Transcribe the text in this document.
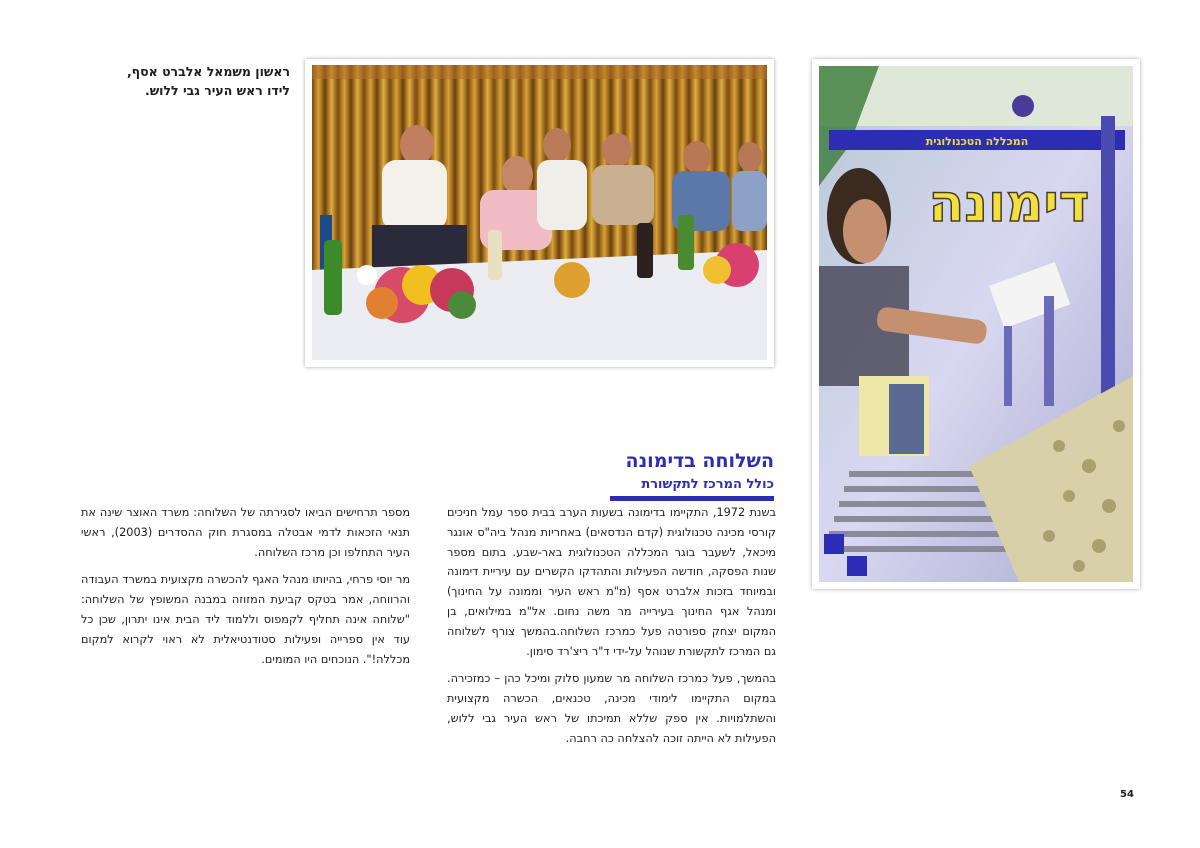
ראשון משמאל אלברט אסף,
לידו ראש העיר גבי ללוש.
המכללה הטכנולוגית
דימונה
השלוחה בדימונה
כולל המרכז לתקשורת

בשנת 1972, התקיימו בדימונה בשעות הערב בבית ספר עמל חניכים קורסי מכינה טכנולוגית (קדם הנדסאים) באחריות מנהל ביה"ס אונגר מיכאל, לשעבר בוגר המכללה הטכנולוגית באר-שבע. בתום מספר שנות הפסקה, חודשה הפעילות והתהדקו הקשרים עם עיריית דימונה ובמיוחד בזכות אלברט אסף (מ"מ ראש העיר וממונה על החינוך) ומנהל אגף החינוך בעירייה מר משה נחום. אל"מ במילואים, בן המקום יצחק ספורטה פעל כמרכז השלוחה.בהמשך צורף לשלוחה גם המרכז לתקשורת שנוהל על-ידי ד"ר ריצ'רד סימון.

בהמשך, פעל כמרכז השלוחה מר שמעון סלוק ומיכל כהן – כמזכירה. במקום התקיימו לימודי מכינה, טכנאים, הכשרה מקצועית והשתלמויות. אין ספק שללא תמיכתו של ראש העיר גבי ללוש, הפעילות לא הייתה זוכה להצלחה כה רחבה.

מספר תרחישים הביאו לסגירתה של השלוחה: משרד האוצר שינה את תנאי הזכאות לדמי אבטלה במסגרת חוק ההסדרים (2003), ראשי העיר התחלפו וכן מרכז השלוחה.

מר יוסי פרחי, בהיותו מנהל האגף להכשרה מקצועית במשרד העבודה והרווחה, אמר בטקס קביעת המזוזה במבנה המשופץ של השלוחה: "שלוחה אינה תחליף לקמפוס וללמוד ליד הבית אינו יתרון, שכן כל עוד אין ספרייה ופעילות סטודנטיאלית לא ראוי לקרוא למקום מכללה!". הנוכחים היו המומים.

54
